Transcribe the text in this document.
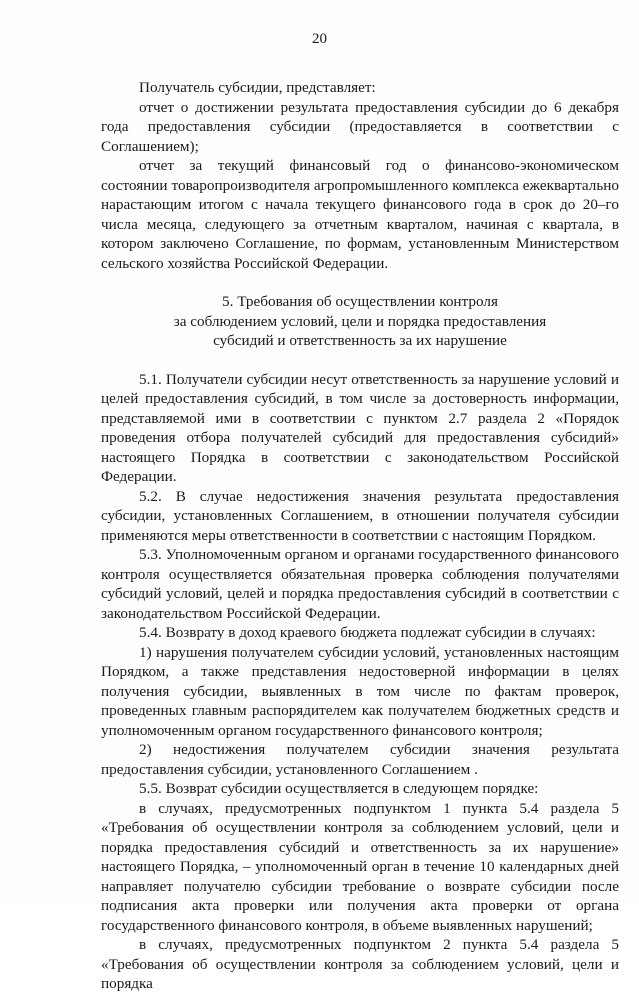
20

Получатель субсидии, представляет:

отчет о достижении результата предоставления субсидии до 6 декабря года предоставления субсидии (предоставляется в соответствии с Соглашением);

отчет за текущий финансовый год о финансово-экономическом состоянии товаропроизводителя агропромышленного комплекса ежеквартально нарастающим итогом с начала текущего финансового года в срок до 20–го числа месяца, следующего за отчетным кварталом, начиная с квартала, в котором заключено Соглашение, по формам, установленным Министерством сельского хозяйства Российской Федерации.

5. Требования об осуществлении контроля
за соблюдением условий, цели и порядка предоставления
субсидий и ответственность за их нарушение

5.1. Получатели субсидии несут ответственность за нарушение условий и целей предоставления субсидий, в том числе за достоверность информации, представляемой ими в соответствии с пунктом 2.7 раздела 2 «Порядок проведения отбора получателей субсидий для предоставления субсидий» настоящего Порядка в соответствии с законодательством Российской Федерации.

5.2. В случае недостижения значения результата предоставления субсидии, установленных Соглашением, в отношении получателя субсидии применяются меры ответственности в соответствии с настоящим Порядком.

5.3. Уполномоченным органом и органами государственного финансового контроля осуществляется обязательная проверка соблюдения получателями субсидий условий, целей и порядка предоставления субсидий в соответствии с законодательством Российской Федерации.

5.4. Возврату в доход краевого бюджета подлежат субсидии в случаях:

1) нарушения получателем субсидии условий, установленных настоящим Порядком, а также представления недостоверной информации в целях получения субсидии, выявленных в том числе по фактам проверок, проведенных главным распорядителем как получателем бюджетных средств и уполномоченным органом государственного финансового контроля;

2) недостижения получателем субсидии значения результата предоставления субсидии, установленного Соглашением .

5.5. Возврат субсидии осуществляется в следующем порядке:

в случаях, предусмотренных подпунктом 1 пункта 5.4 раздела 5 «Требования об осуществлении контроля за соблюдением условий, цели и порядка предоставления субсидий и ответственность за их нарушение» настоящего Порядка, – уполномоченный орган в течение 10 календарных дней направляет получателю субсидии требование о возврате субсидии после подписания акта проверки или получения акта проверки от органа государственного финансового контроля, в объеме выявленных нарушений;

в случаях, предусмотренных подпунктом 2 пункта 5.4 раздела 5 «Требования об осуществлении контроля за соблюдением условий, цели и порядка
